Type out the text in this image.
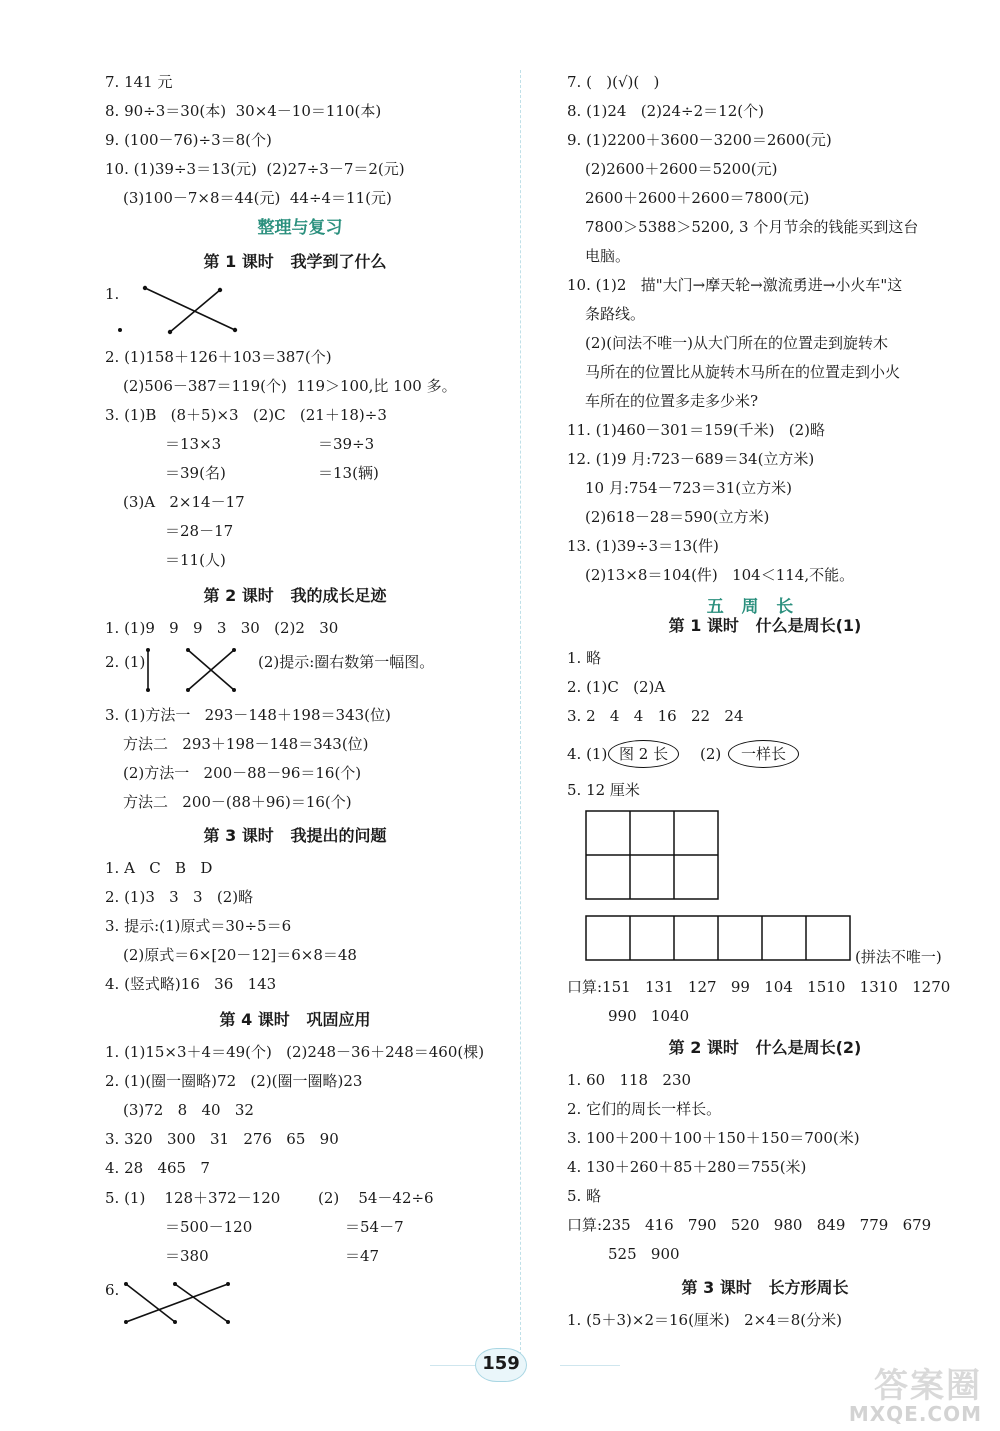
7. 141 元
8. 90÷3＝30(本)  30×4－10＝110(本)
9. (100－76)÷3＝8(个)
10. (1)39÷3＝13(元)  (2)27÷3－7＝2(元)
(3)100－7×8＝44(元)  44÷4＝11(元)
整理与复习
第 1 课时   我学到了什么
1.
2. (1)158＋126＋103＝387(个)
(2)506－387＝119(个)  119＞100,比 100 多。
3. (1)B   (8＋5)×3   (2)C   (21＋18)÷3
＝13×3	＝39÷3
＝39(名)	＝13(辆)
(3)A   2×14－17
＝28－17
＝11(人)
第 2 课时   我的成长足迹
1. (1)9   9   9   3   30   (2)2   30
2. (1)	(2)提示:圈右数第一幅图。
3. (1)方法一   293－148＋198＝343(位)
方法二   293＋198－148＝343(位)
(2)方法一   200－88－96＝16(个)
方法二   200－(88＋96)＝16(个)
第 3 课时   我提出的问题
1. A   C   B   D
2. (1)3   3   3   (2)略
3. 提示:(1)原式＝30÷5＝6
(2)原式＝6×[20－12]＝6×8＝48
4. (竖式略)16   36   143
第 4 课时   巩固应用
1. (1)15×3＋4＝49(个)   (2)248－36＋248＝460(棵)
2. (1)(圈一圈略)72   (2)(圈一圈略)23
(3)72   8   40   32
3. 320   300   31   276   65   90
4. 28   465   7
5. (1)    128＋372－120	(2)    54－42÷6
＝500－120	＝54－7
＝380	＝47
6.
7. (   )(√)(   )
8. (1)24   (2)24÷2＝12(个)
9. (1)2200＋3600－3200＝2600(元)
(2)2600＋2600＝5200(元)
2600＋2600＋2600＝7800(元)
7800＞5388＞5200, 3 个月节余的钱能买到这台
电脑。
10. (1)2   描"大门→摩天轮→激流勇进→小火车"这
条路线。
(2)(问法不唯一)从大门所在的位置走到旋转木
马所在的位置比从旋转木马所在的位置走到小火
车所在的位置多走多少米?
11. (1)460－301＝159(千米)   (2)略
12. (1)9 月:723－689＝34(立方米)
10 月:754－723＝31(立方米)
(2)618－28＝590(立方米)
13. (1)39÷3＝13(件)
(2)13×8＝104(件)   104＜114,不能。
五   周   长
第 1 课时   什么是周长(1)
1. 略
2. (1)C   (2)A
3. 2   4   4   16   22   24
4. (1) 图 2 长	(2)	一样长
5. 12 厘米
(拼法不唯一)
口算:151   131   127   99   104   1510   1310   1270
990   1040
第 2 课时   什么是周长(2)
1. 60   118   230
2. 它们的周长一样长。
3. 100＋200＋100＋150＋150＝700(米)
4. 130＋260＋85＋280＝755(米)
5. 略
口算:235   416   790   520   980   849   779   679
525   900
第 3 课时   长方形周长
1. (5＋3)×2＝16(厘米)   2×4＝8(分米)
159
答案圈
MXQE.COM
